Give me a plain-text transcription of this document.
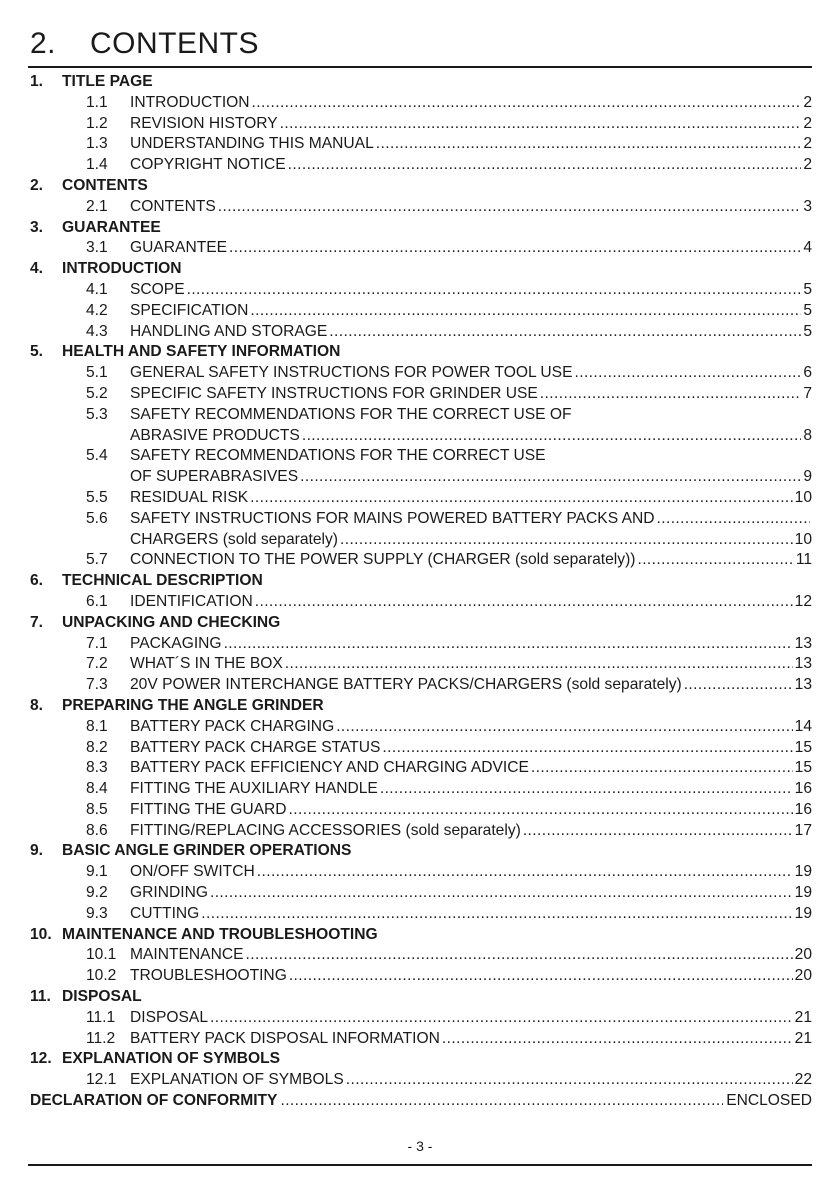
2. CONTENTS
1. TITLE PAGE
1.1	INTRODUCTION .....	2
1.2	REVISION HISTORY .....	2
1.3	UNDERSTANDING THIS MANUAL .....	2
1.4	COPYRIGHT NOTICE .....	2
2. CONTENTS
2.1	CONTENTS .....	3
3. GUARANTEE
3.1	GUARANTEE .....	4
4. INTRODUCTION
4.1	SCOPE .....	5
4.2	SPECIFICATION .....	5
4.3	HANDLING AND STORAGE .....	5
5. HEALTH AND SAFETY INFORMATION
5.1	GENERAL SAFETY INSTRUCTIONS FOR POWER TOOL USE .....	6
5.2	SPECIFIC SAFETY INSTRUCTIONS FOR GRINDER USE .....	7
5.3	SAFETY RECOMMENDATIONS FOR THE CORRECT USE OF
ABRASIVE PRODUCTS .....	8
5.4	SAFETY RECOMMENDATIONS FOR THE CORRECT USE
OF SUPERABRASIVES .....	9
5.5	RESIDUAL RISK .....	10
5.6	SAFETY INSTRUCTIONS FOR MAINS POWERED BATTERY PACKS AND
.....
CHARGERS (sold separately) .....	10
5.7	CONNECTION TO THE POWER SUPPLY (CHARGER (sold separately)) .....	11
6. TECHNICAL DESCRIPTION
6.1	IDENTIFICATION .....	12
7. UNPACKING AND CHECKING
7.1	PACKAGING .....	13
7.2	WHAT´S IN THE BOX .....	13
7.3	20V POWER INTERCHANGE BATTERY PACKS/CHARGERS (sold separately) .....	13
8. PREPARING THE ANGLE GRINDER
8.1	BATTERY PACK CHARGING .....	14
8.2	BATTERY PACK CHARGE STATUS .....	15
8.3	BATTERY PACK EFFICIENCY AND CHARGING ADVICE .....	15
8.4	FITTING THE AUXILIARY HANDLE .....	16
8.5	FITTING THE GUARD .....	16
8.6	FITTING/REPLACING ACCESSORIES (sold separately) .....	17
9. BASIC ANGLE GRINDER OPERATIONS
9.1	ON/OFF SWITCH .....	19
9.2	GRINDING .....	19
9.3	CUTTING .....	19
10. MAINTENANCE AND TROUBLESHOOTING
10.1 MAINTENANCE .....	20
10.2 TROUBLESHOOTING .....	20
11. DISPOSAL
11.1 DISPOSAL .....	21
11.2 BATTERY PACK DISPOSAL INFORMATION .....	21
12. EXPLANATION OF SYMBOLS
12.1 EXPLANATION OF SYMBOLS .....	22
DECLARATION OF CONFORMITY .....	ENCLOSED
- 3 -
